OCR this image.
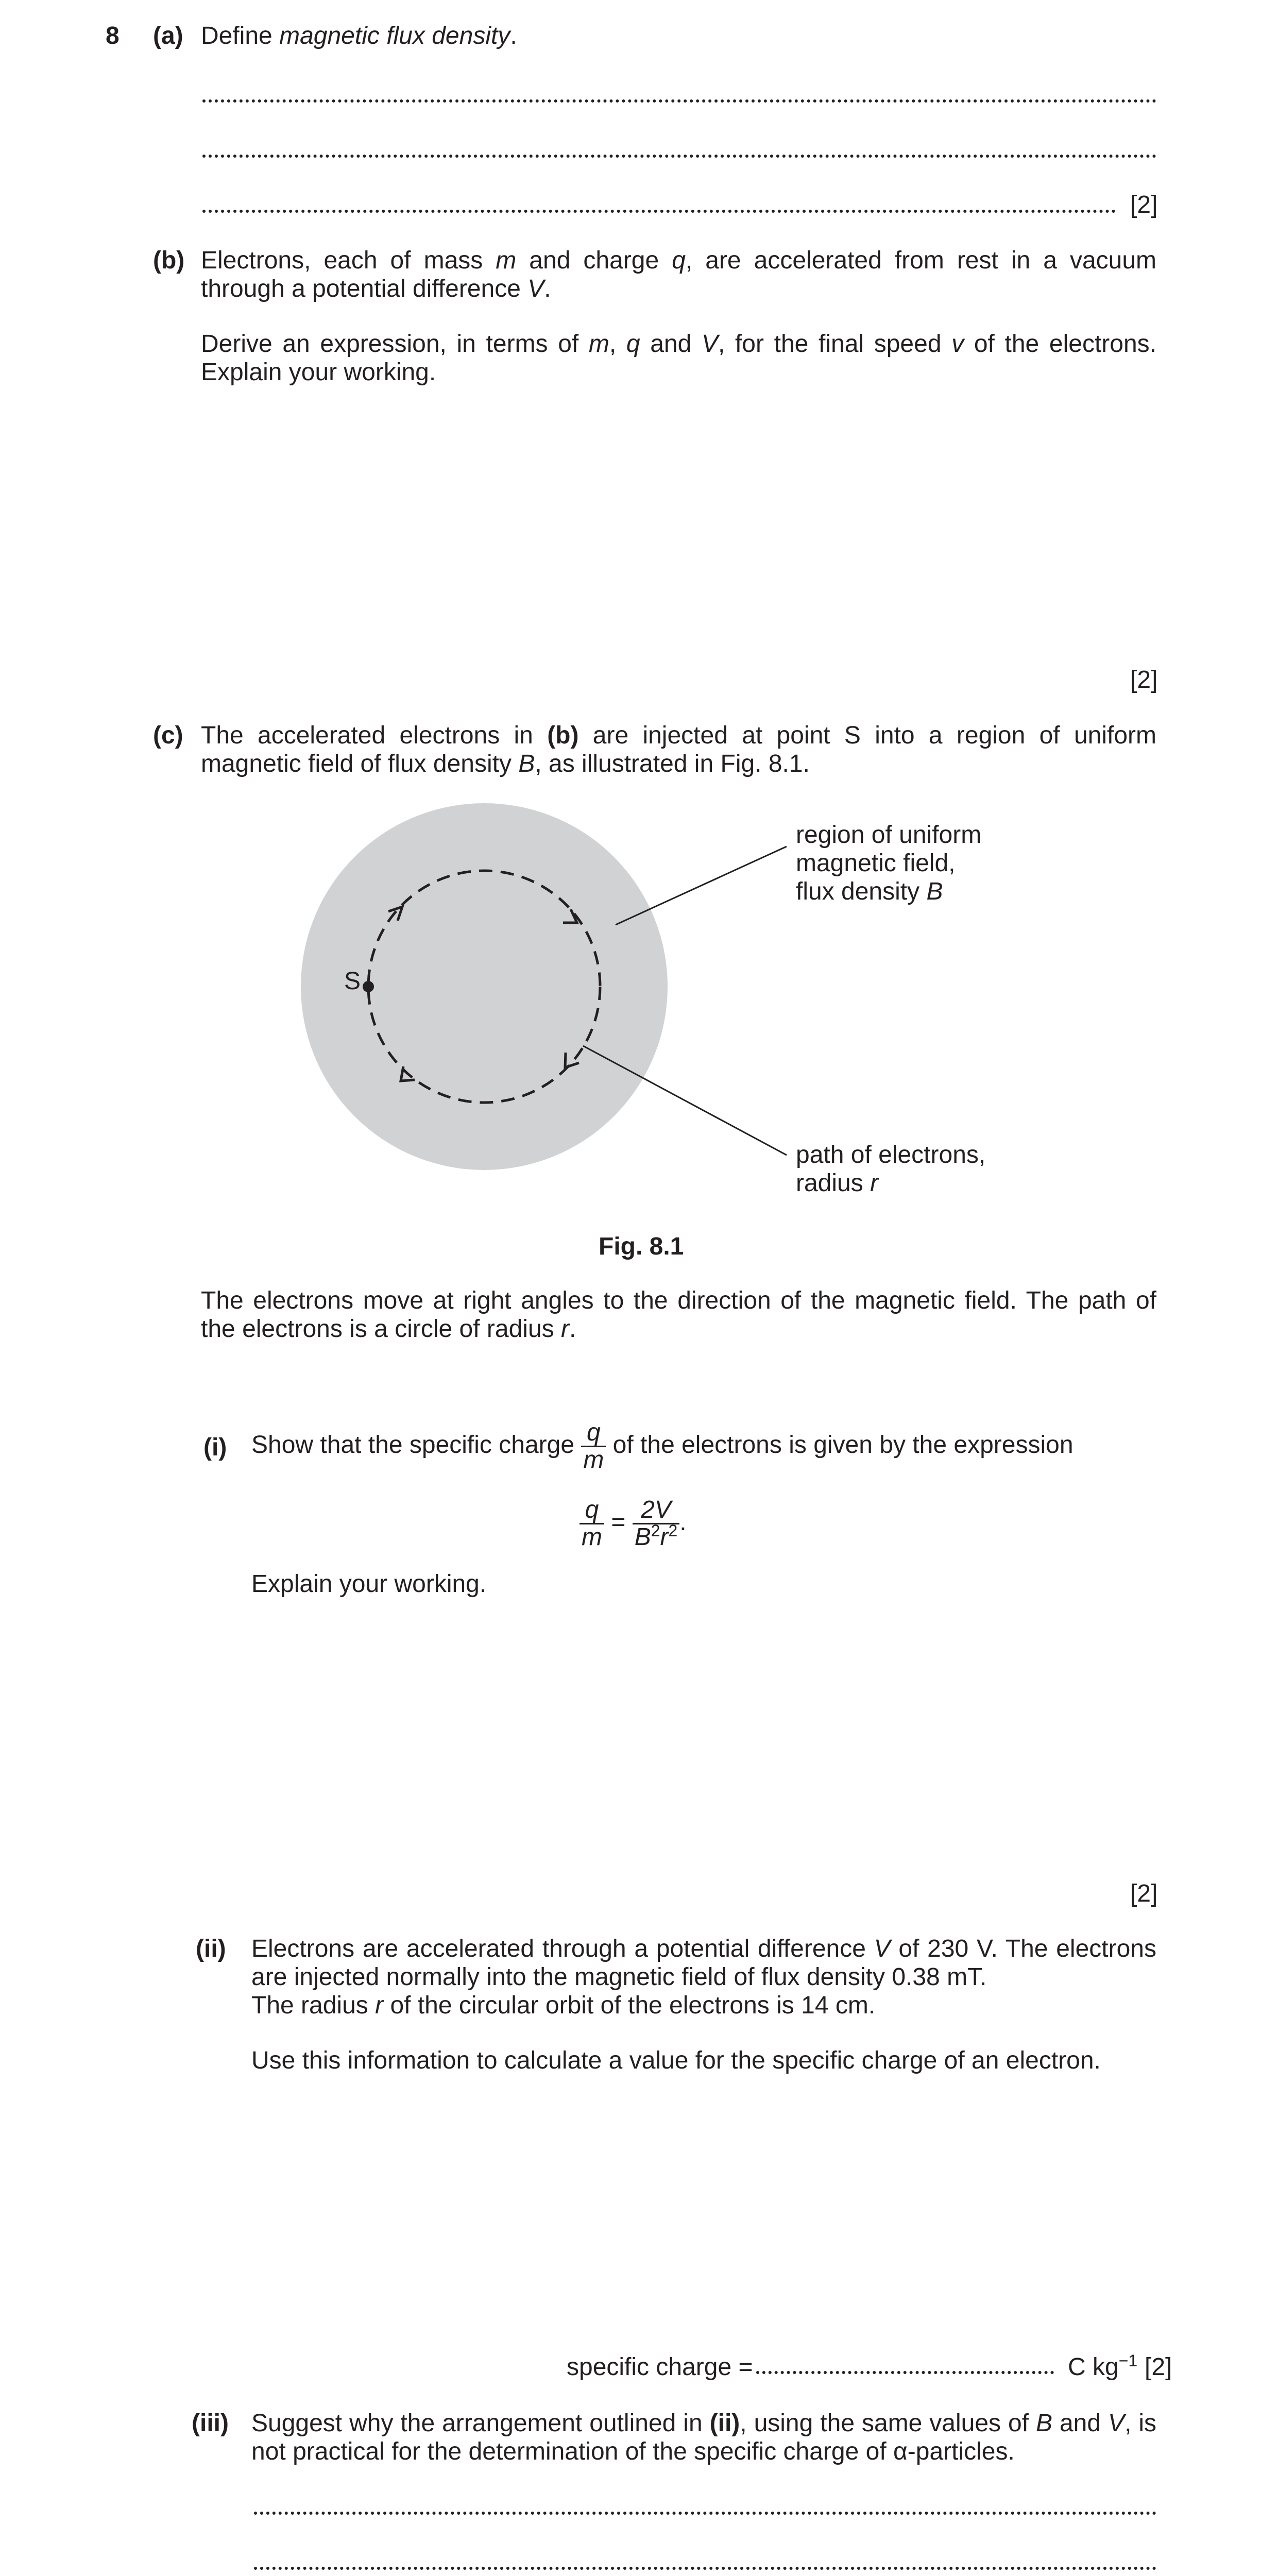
8 (a) Define magnetic flux density.
[2]
(b) Electrons, each of mass m and charge q, are accelerated from rest in a vacuum through a potential difference V.
Derive an expression, in terms of m, q and V, for the final speed v of the electrons. Explain your working.
[2]
(c) The accelerated electrons in (b) are injected at point S into a region of uniform magnetic field of flux density B, as illustrated in Fig. 8.1.
S
region of uniform
magnetic field,
flux density B
path of electrons,
radius r
Fig. 8.1
The electrons move at right angles to the direction of the magnetic field. The path of the electrons is a circle of radius r.
(i) Show that the specific charge $\frac{q}{m}$ of the electrons is given by the expression
$\frac{q}{m} = \frac{2V}{B^2r^2}$ .
Explain your working.
[2]
(ii) Electrons are accelerated through a potential difference V of 230 V. The electrons are injected normally into the magnetic field of flux density 0.38 mT.
The radius r of the circular orbit of the electrons is 14 cm.
Use this information to calculate a value for the specific charge of an electron.
specific charge =	C $kg^{-1}$ [2]
(iii) Suggest why the arrangement outlined in (ii), using the same values of B and V, is not practical for the determination of the specific charge of α-particles.
